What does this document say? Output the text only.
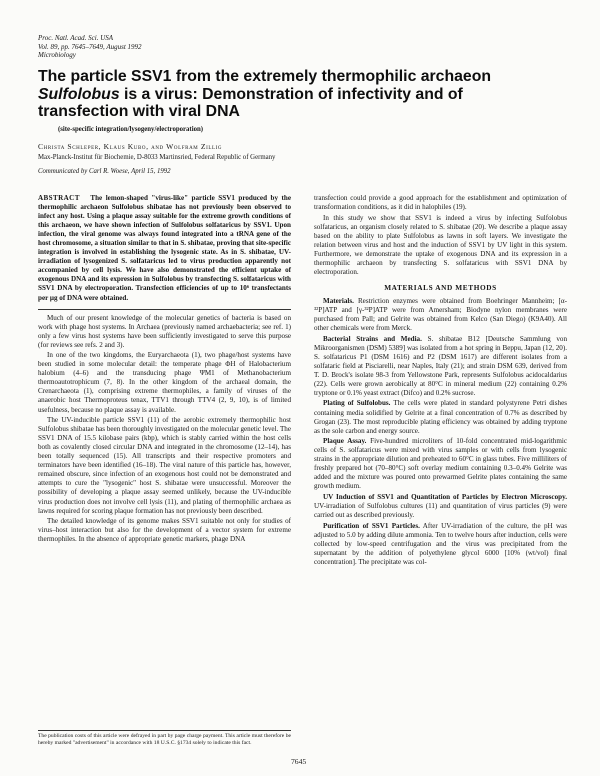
Proc. Natl. Acad. Sci. USA
Vol. 89, pp. 7645–7649, August 1992
Microbiology
The particle SSV1 from the extremely thermophilic archaeon
Sulfolobus is a virus: Demonstration of infectivity and of
transfection with viral DNA
(site-specific integration/lysogeny/electroporation)
Christa Schleper, Klaus Kubo, and Wolfram Zillig
Max-Planck-Institut für Biochemie, D-8033 Martinsried, Federal Republic of Germany
Communicated by Carl R. Woese, April 15, 1992

ABSTRACT The lemon-shaped "virus-like" particle SSV1 produced by the thermophilic archaeon Sulfolobus shibatae has not previously been observed to infect any host. Using a plaque assay suitable for the extreme growth conditions of this archaeon, we have shown infection of Sulfolobus solfataricus by SSV1. Upon infection, the viral genome was always found integrated into a tRNA gene of the host chromosome, a situation similar to that in S. shibatae, proving that site-specific integration is involved in establishing the lysogenic state. As in S. shibatae, UV-irradiation of lysogenized S. solfataricus led to virus production apparently not accompanied by cell lysis. We have also demonstrated the efficient uptake of exogenous DNA and its expression in Sulfolobus by transfecting S. solfataricus with SSV1 DNA by electroporation. Transfection efficiencies of up to 10⁶ transfectants per µg of DNA were obtained.

Much of our present knowledge of the molecular genetics of bacteria is based on work with phage host systems. In Archaea (previously named archaebacteria; see ref. 1) only a few virus host systems have been sufficiently investigated to serve this purpose (for reviews see refs. 2 and 3).

In one of the two kingdoms, the Euryarchaeota (1), two phage/host systems have been studied in some molecular detail: the temperate phage ΦH of Halobacterium halobium (4–6) and the transducing phage ΨM1 of Methanobacterium thermoautotrophicum (7, 8). In the other kingdom of the archaeal domain, the Crenarchaeota (1), comprising extreme thermophiles, a family of viruses of the anaerobic host Thermoproteus tenax, TTV1 through TTV4 (2, 9, 10), is of limited usefulness, because no plaque assay is available.

The UV-inducible particle SSV1 (11) of the aerobic extremely thermophilic host Sulfolobus shibatae has been thoroughly investigated on the molecular genetic level. The SSV1 DNA of 15.5 kilobase pairs (kbp), which is stably carried within the host cells both as covalently closed circular DNA and integrated in the chromosome (12–14), has been totally sequenced (15). All transcripts and their respective promoters and terminators have been identified (16–18). The viral nature of this particle has, however, remained obscure, since infection of an exogenous host could not be demonstrated and attempts to cure the "lysogenic" host S. shibatae were unsuccessful. Moreover the possibility of developing a plaque assay seemed unlikely, because the UV-inducible virus production does not involve cell lysis (11), and plating of thermophilic archaea as lawns required for scoring plaque formation has not previously been described.

The detailed knowledge of its genome makes SSV1 suitable not only for studies of virus–host interaction but also for the development of a vector system for extreme thermophiles. In the absence of appropriate genetic markers, phage DNA

The publication costs of this article were defrayed in part by page charge payment. This article must therefore be hereby marked "advertisement" in accordance with 18 U.S.C. §1734 solely to indicate this fact.

transfection could provide a good approach for the establishment and optimization of transformation conditions, as it did in halophiles (19).

In this study we show that SSV1 is indeed a virus by infecting Sulfolobus solfataricus, an organism closely related to S. shibatae (20). We describe a plaque assay based on the ability to plate Sulfolobus as lawns in soft layers. We investigate the relation between virus and host and the induction of SSV1 by UV light in this system. Furthermore, we demonstrate the uptake of exogenous DNA and its expression in a thermophilic archaeon by transfecting S. solfataricus with SSV1 DNA by electroporation.

MATERIALS AND METHODS

Materials. Restriction enzymes were obtained from Boehringer Mannheim; [α-³²P]ATP and [γ-³²P]ATP were from Amersham; Biodyne nylon membranes were purchased from Pall; and Gelrite was obtained from Kelco (San Diego) (K9A40). All other chemicals were from Merck.

Bacterial Strains and Media. S. shibatae B12 [Deutsche Sammlung von Mikroorganismen (DSM) 5389] was isolated from a hot spring in Beppu, Japan (12, 20). S. solfataricus P1 (DSM 1616) and P2 (DSM 1617) are different isolates from a solfataric field at Pisciarelli, near Naples, Italy (21); and strain DSM 639, derived from T. D. Brock's isolate 98-3 from Yellowstone Park, represents Sulfolobus acidocaldarius (22). Cells were grown aerobically at 80°C in mineral medium (22) containing 0.2% tryptone or 0.1% yeast extract (Difco) and 0.2% sucrose.

Plating of Sulfolobus. The cells were plated in standard polystyrene Petri dishes containing media solidified by Gelrite at a final concentration of 0.7% as described by Grogan (23). The most reproducible plating efficiency was obtained by adding tryptone as the sole carbon and energy source.

Plaque Assay. Five-hundred microliters of 10-fold concentrated mid-logarithmic cells of S. solfataricus were mixed with virus samples or with cells from lysogenic strains in the appropriate dilution and preheated to 60°C in glass tubes. Five milliliters of freshly prepared hot (70–80°C) soft overlay medium containing 0.3–0.4% Gelrite was added and the mixture was poured onto prewarmed Gelrite plates containing the same growth medium.

UV Induction of SSV1 and Quantitation of Particles by Electron Microscopy. UV-irradiation of Sulfolobus cultures (11) and quantitation of virus particles (9) were carried out as described previously.

Purification of SSV1 Particles. After UV-irradiation of the culture, the pH was adjusted to 5.0 by adding dilute ammonia. Ten to twelve hours after induction, cells were collected by low-speed centrifugation and the virus was precipitated from the supernatant by the addition of polyethylene glycol 6000 [10% (wt/vol) final concentration]. The precipitate was col-

7645
